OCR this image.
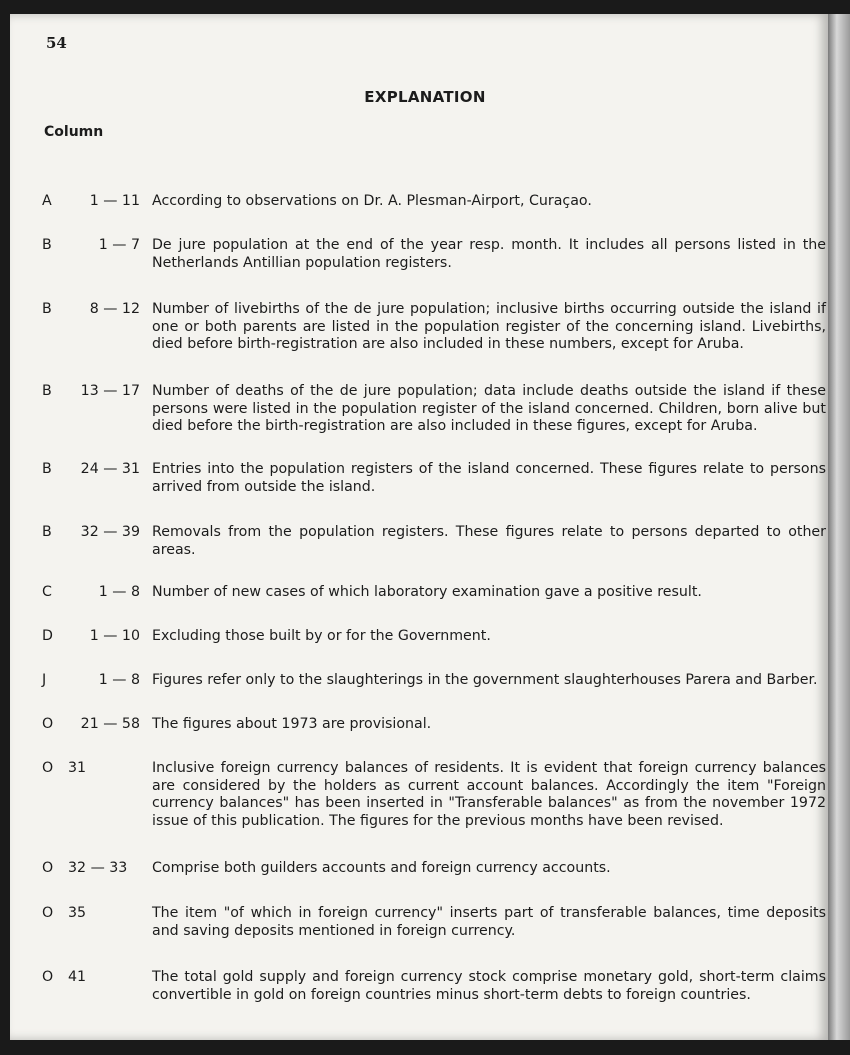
54
EXPLANATION
Column
A	1 — 11 According to observations on Dr. A. Plesman-Airport, Curaçao.
B	1 — 7 De jure population at the end of the year resp. month. It includes all persons listed in the Netherlands Antillian population registers.
B	8 — 12 Number of livebirths of the de jure population; inclusive births occurring outside the island if one or both parents are listed in the population register of the concerning island. Livebirths, died before birth-registration are also included in these numbers, except for Aruba.
B	13 — 17 Number of deaths of the de jure population; data include deaths outside the island if these persons were listed in the population register of the island concerned. Children, born alive but died before the birth-registration are also included in these figures, except for Aruba.
B	24 — 31 Entries into the population registers of the island concerned. These figures relate to persons arrived from outside the island.
B	32 — 39 Removals from the population registers. These figures relate to persons departed to other areas.
C	1 — 8 Number of new cases of which laboratory examination gave a positive result.
D	1 — 10 Excluding those built by or for the Government.
J	1 — 8 Figures refer only to the slaughterings in the government slaughterhouses Parera and Barber.
O	21 — 58 The figures about 1973 are provisional.
O	31	Inclusive foreign currency balances of residents. It is evident that foreign currency balances are considered by the holders as current account balances. Accordingly the item "Foreign currency balances" has been inserted in "Transferable balances" as from the november 1972 issue of this publication. The figures for the previous months have been revised.
O	32 — 33	Comprise both guilders accounts and foreign currency accounts.
O	35	The item "of which in foreign currency" inserts part of transferable balances, time deposits and saving deposits mentioned in foreign currency.
O	41	The total gold supply and foreign currency stock comprise monetary gold, short-term claims convertible in gold on foreign countries minus short-term debts to foreign countries.
